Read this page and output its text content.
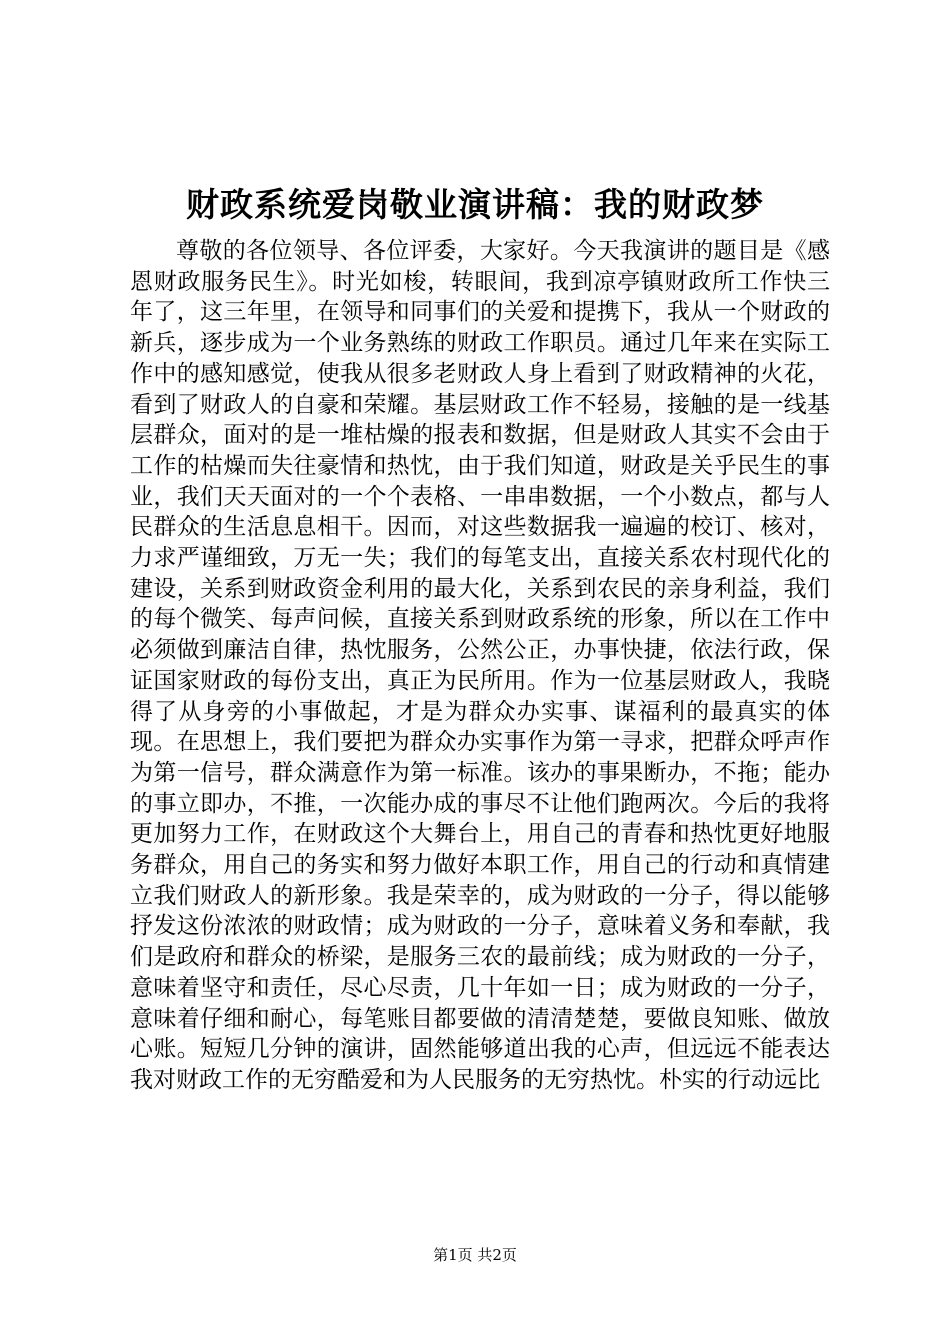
财政系统爱岗敬业演讲稿：我的财政梦

尊敬的各位领导、各位评委，大家好。今天我演讲的题目是《感恩财政服务民生》。时光如梭，转眼间，我到凉亭镇财政所工作快三年了，这三年里，在领导和同事们的关爱和提携下，我从一个财政的新兵，逐步成为一个业务熟练的财政工作职员。通过几年来在实际工作中的感知感觉，使我从很多老财政人身上看到了财政精神的火花，看到了财政人的自豪和荣耀。基层财政工作不轻易，接触的是一线基层群众，面对的是一堆枯燥的报表和数据，但是财政人其实不会由于工作的枯燥而失往豪情和热忱，由于我们知道，财政是关乎民生的事业，我们天天面对的一个个表格、一串串数据，一个小数点，都与人民群众的生活息息相干。因而，对这些数据我一遍遍的校订、核对，力求严谨细致，万无一失；我们的每笔支出，直接关系农村现代化的建设，关系到财政资金利用的最大化，关系到农民的亲身利益，我们的每个微笑、每声问候，直接关系到财政系统的形象，所以在工作中必须做到廉洁自律，热忱服务，公然公正，办事快捷，依法行政，保证国家财政的每份支出，真正为民所用。作为一位基层财政人，我晓得了从身旁的小事做起，才是为群众办实事、谋福利的最真实的体现。在思想上，我们要把为群众办实事作为第一寻求，把群众呼声作为第一信号，群众满意作为第一标准。该办的事果断办，不拖；能办的事立即办，不推，一次能办成的事尽不让他们跑两次。今后的我将更加努力工作，在财政这个大舞台上，用自己的青春和热忱更好地服务群众，用自己的务实和努力做好本职工作，用自己的行动和真情建立我们财政人的新形象。我是荣幸的，成为财政的一分子，得以能够抒发这份浓浓的财政情；成为财政的一分子，意味着义务和奉献，我们是政府和群众的桥梁，是服务三农的最前线；成为财政的一分子，意味着坚守和责任，尽心尽责，几十年如一日；成为财政的一分子，意味着仔细和耐心，每笔账目都要做的清清楚楚，要做良知账、做放心账。短短几分钟的演讲，固然能够道出我的心声，但远远不能表达我对财政工作的无穷酷爱和为人民服务的无穷热忱。朴实的行动远比

第1页 共2页
